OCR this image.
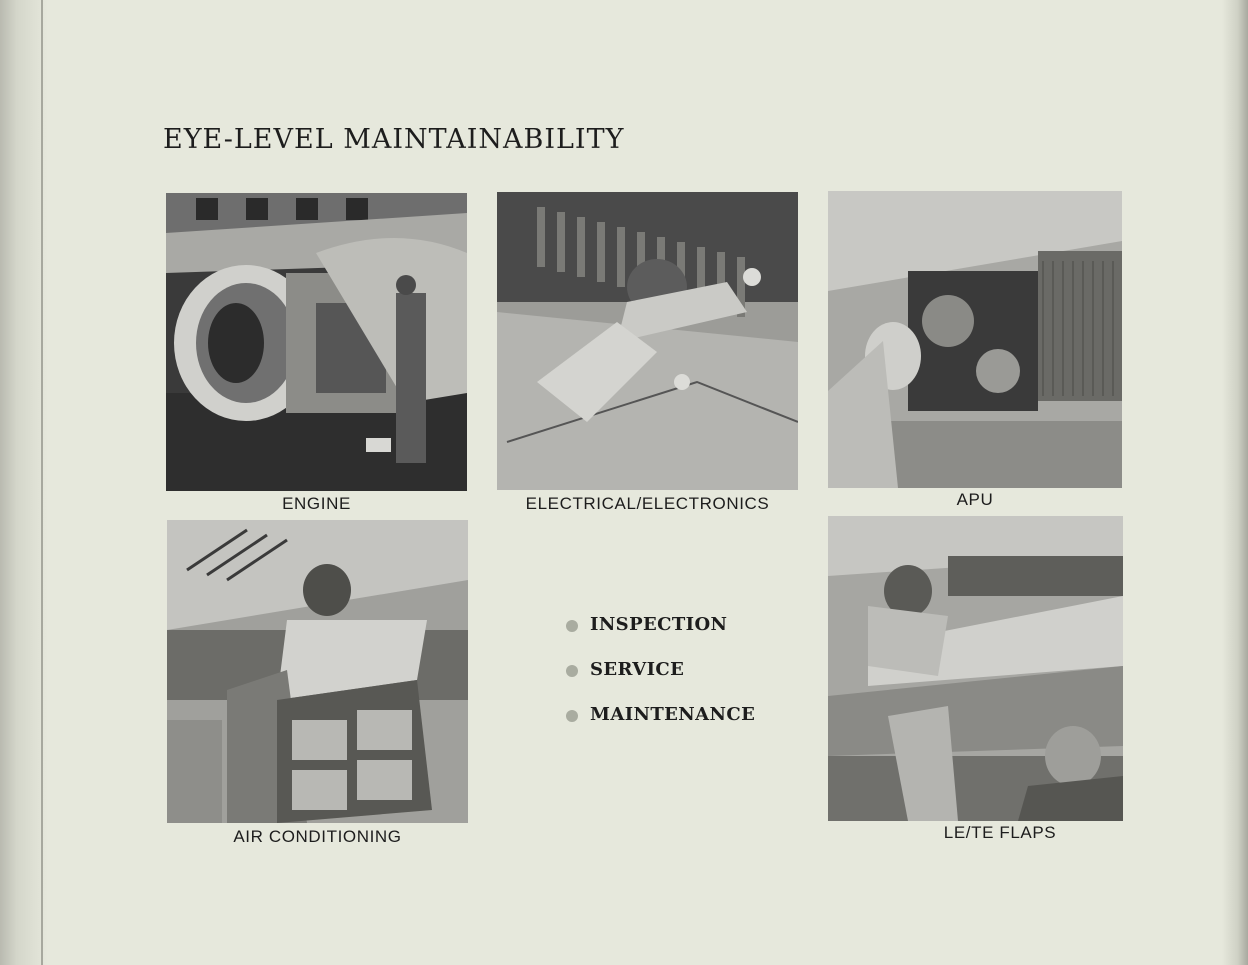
EYE-LEVEL MAINTAINABILITY
ENGINE	ELECTRICAL/ELECTRONICS	APU
AIR CONDITIONING
INSPECTION
SERVICE
MAINTENANCE
LE/TE FLAPS
